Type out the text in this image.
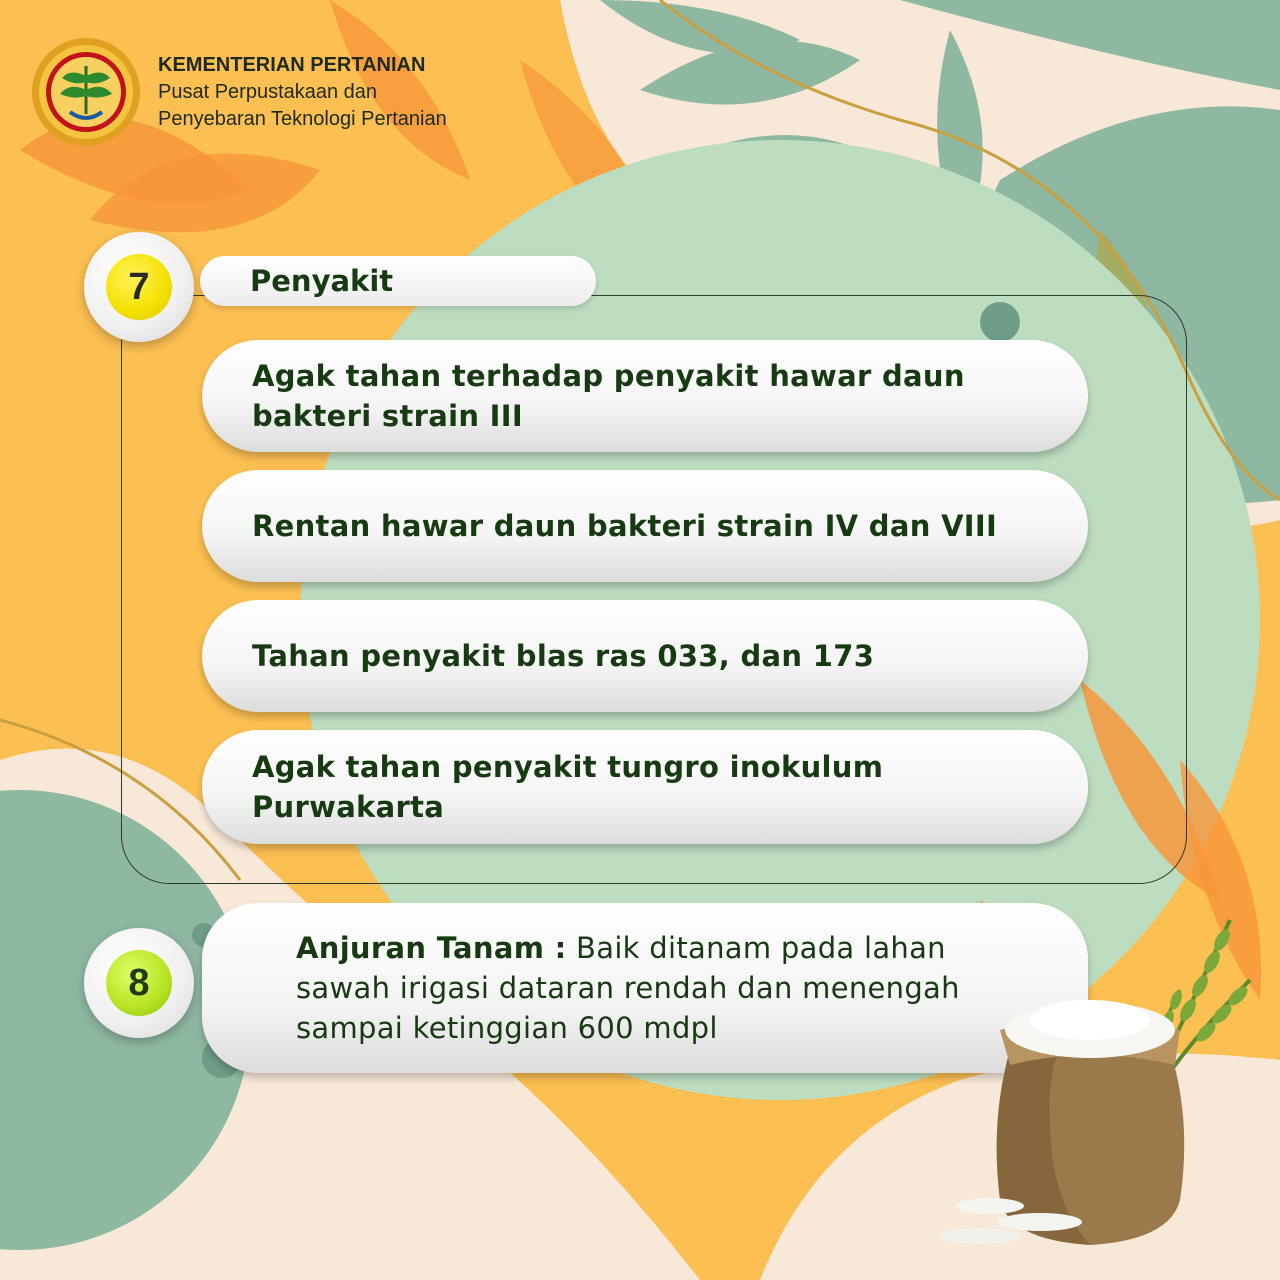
KEMENTERIAN PERTANIAN
Pusat Perpustakaan dan
Penyebaran Teknologi Pertanian
7	Penyakit
Agak tahan terhadap penyakit hawar daun bakteri strain III
Rentan hawar daun bakteri strain IV dan VIII
Tahan penyakit blas ras 033, dan 173
Agak tahan penyakit tungro inokulum Purwakarta
8
Anjuran Tanam : Baik ditanam pada lahan sawah irigasi dataran rendah dan menengah sampai ketinggian 600 mdpl
